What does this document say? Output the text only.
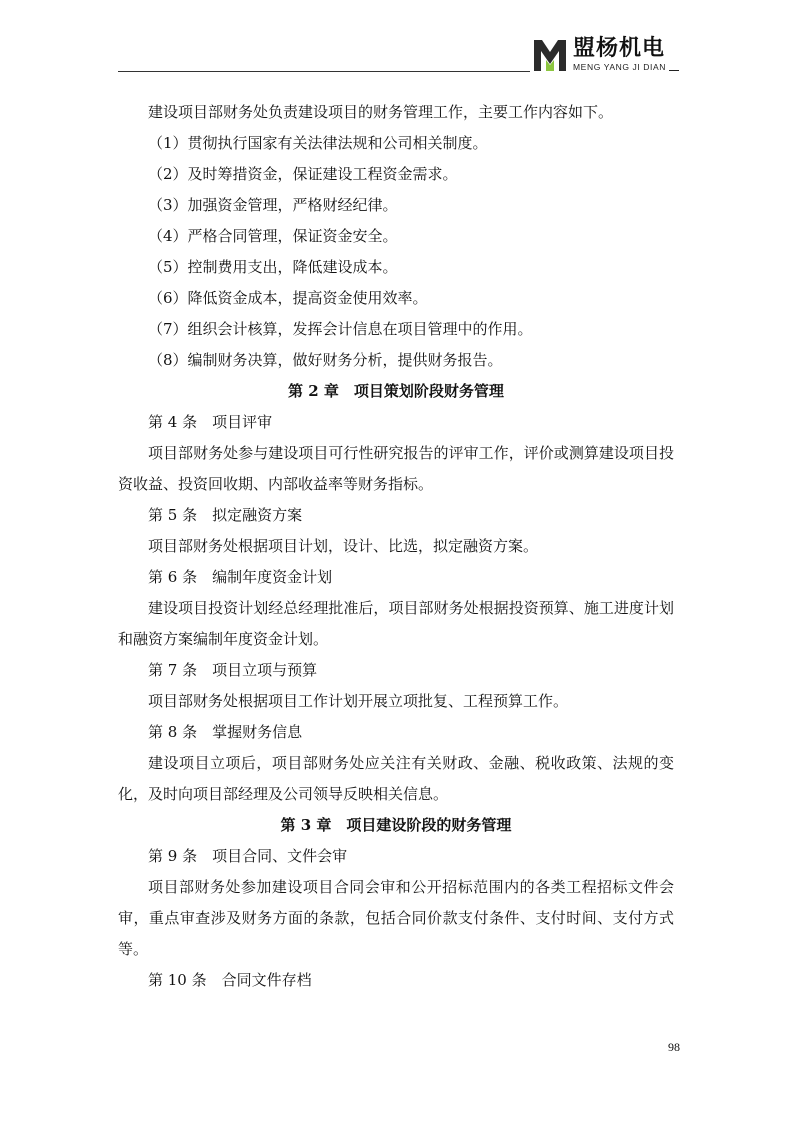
盟杨机电
MENG YANG JI DIAN

建设项目部财务处负责建设项目的财务管理工作，主要工作内容如下。

（1）贯彻执行国家有关法律法规和公司相关制度。

（2）及时筹措资金，保证建设工程资金需求。

（3）加强资金管理，严格财经纪律。

（4）严格合同管理，保证资金安全。

（5）控制费用支出，降低建设成本。

（6）降低资金成本，提高资金使用效率。

（7）组织会计核算，发挥会计信息在项目管理中的作用。

（8）编制财务决算，做好财务分析，提供财务报告。

第 2 章　项目策划阶段财务管理

第 4 条　项目评审

项目部财务处参与建设项目可行性研究报告的评审工作，评价或测算建设项目投资收益、投资回收期、内部收益率等财务指标。

第 5 条　拟定融资方案

项目部财务处根据项目计划，设计、比选，拟定融资方案。

第 6 条　编制年度资金计划

建设项目投资计划经总经理批准后，项目部财务处根据投资预算、施工进度计划和融资方案编制年度资金计划。

第 7 条　项目立项与预算

项目部财务处根据项目工作计划开展立项批复、工程预算工作。

第 8 条　掌握财务信息

建设项目立项后，项目部财务处应关注有关财政、金融、税收政策、法规的变化，及时向项目部经理及公司领导反映相关信息。

第 3 章　项目建设阶段的财务管理

第 9 条　项目合同、文件会审

项目部财务处参加建设项目合同会审和公开招标范围内的各类工程招标文件会审，重点审查涉及财务方面的条款，包括合同价款支付条件、支付时间、支付方式等。

第 10 条　合同文件存档

98
